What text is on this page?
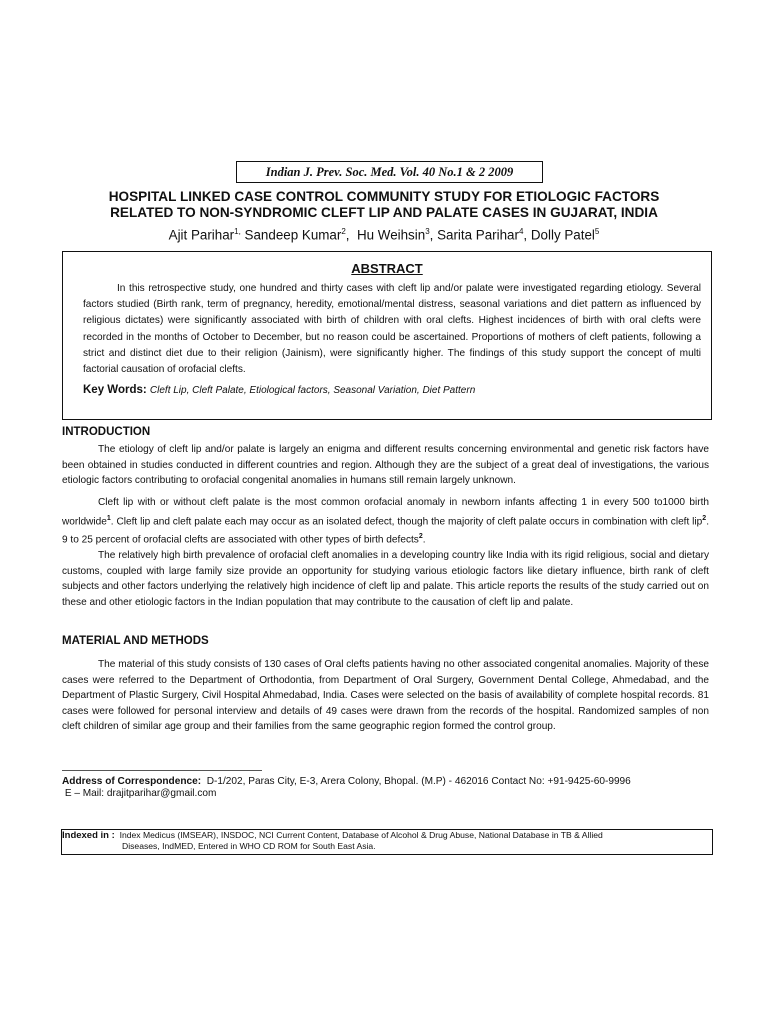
Indian J. Prev. Soc. Med. Vol. 40 No.1 & 2 2009
HOSPITAL LINKED CASE CONTROL COMMUNITY STUDY FOR ETIOLOGIC FACTORS
RELATED TO NON-SYNDROMIC CLEFT LIP AND PALATE CASES IN GUJARAT, INDIA
Ajit Parihar$^{1,}$ Sandeep Kumar$^2$,  Hu Weihsin$^3$, Sarita Parihar$^4$, Dolly Patel$^5$
ABSTRACT
In this retrospective study, one hundred and thirty cases with cleft lip and/or palate were investigated regarding etiology. Several factors studied (Birth rank, term of pregnancy, heredity, emotional/mental distress, seasonal variations and diet pattern as influenced by religious dictates) were significantly associated with birth of children with oral clefts. Highest incidences of birth with oral clefts were recorded in the months of October to December, but no reason could be ascertained. Proportions of mothers of cleft patients, following a strict and distinct diet due to their religion (Jainism), were significantly higher. The findings of this study support the concept of multi factorial causation of orofacial clefts.
Key Words: Cleft Lip, Cleft Palate, Etiological factors, Seasonal Variation, Diet Pattern
INTRODUCTION
The etiology of cleft lip and/or palate is largely an enigma and different results concerning environmental and genetic risk factors have been obtained in studies conducted in different countries and region. Although they are the subject of a great deal of investigations, the various etiologic factors contributing to orofacial congenital anomalies in humans still remain largely unknown.
Cleft lip with or without cleft palate is the most common orofacial anomaly in newborn infants affecting 1 in every 500 to1000 birth worldwide$^1$. Cleft lip and cleft palate each may occur as an isolated defect, though the majority of cleft palate occurs in combination with cleft lip$^2$. 9 to 25 percent of orofacial clefts are associated with other types of birth defects$^2$.
The relatively high birth prevalence of orofacial cleft anomalies in a developing country like India with its rigid religious, social and dietary customs, coupled with large family size provide an opportunity for studying various etiologic factors like dietary influence, birth rank of cleft subjects and other factors underlying the relatively high incidence of cleft lip and palate. This article reports the results of the study carried out on these and other etiologic factors in the Indian population that may contribute to the causation of cleft lip and palate.
MATERIAL AND METHODS
The material of this study consists of 130 cases of Oral clefts patients having no other associated congenital anomalies. Majority of these cases were referred to the Department of Orthodontia, from Department of Oral Surgery, Government Dental College, Ahmedabad, and the Department of Plastic Surgery, Civil Hospital Ahmedabad, India. Cases were selected on the basis of availability of complete hospital records. 81 cases were followed for personal interview and details of 49 cases were drawn from the records of the hospital. Randomized samples of non cleft children of similar age group and their families from the same geographic region formed the control group.
Address of Correspondence: D-1/202, Paras City, E-3, Arera Colony, Bhopal. (M.P) - 462016 Contact No: +91-9425-60-9996
E – Mail: drajitparihar@gmail.com
Indexed in : Index Medicus (IMSEAR), INSDOC, NCI Current Content, Database of Alcohol & Drug Abuse, National Database in TB & Allied
Diseases, IndMED, Entered in WHO CD ROM for South East Asia.
